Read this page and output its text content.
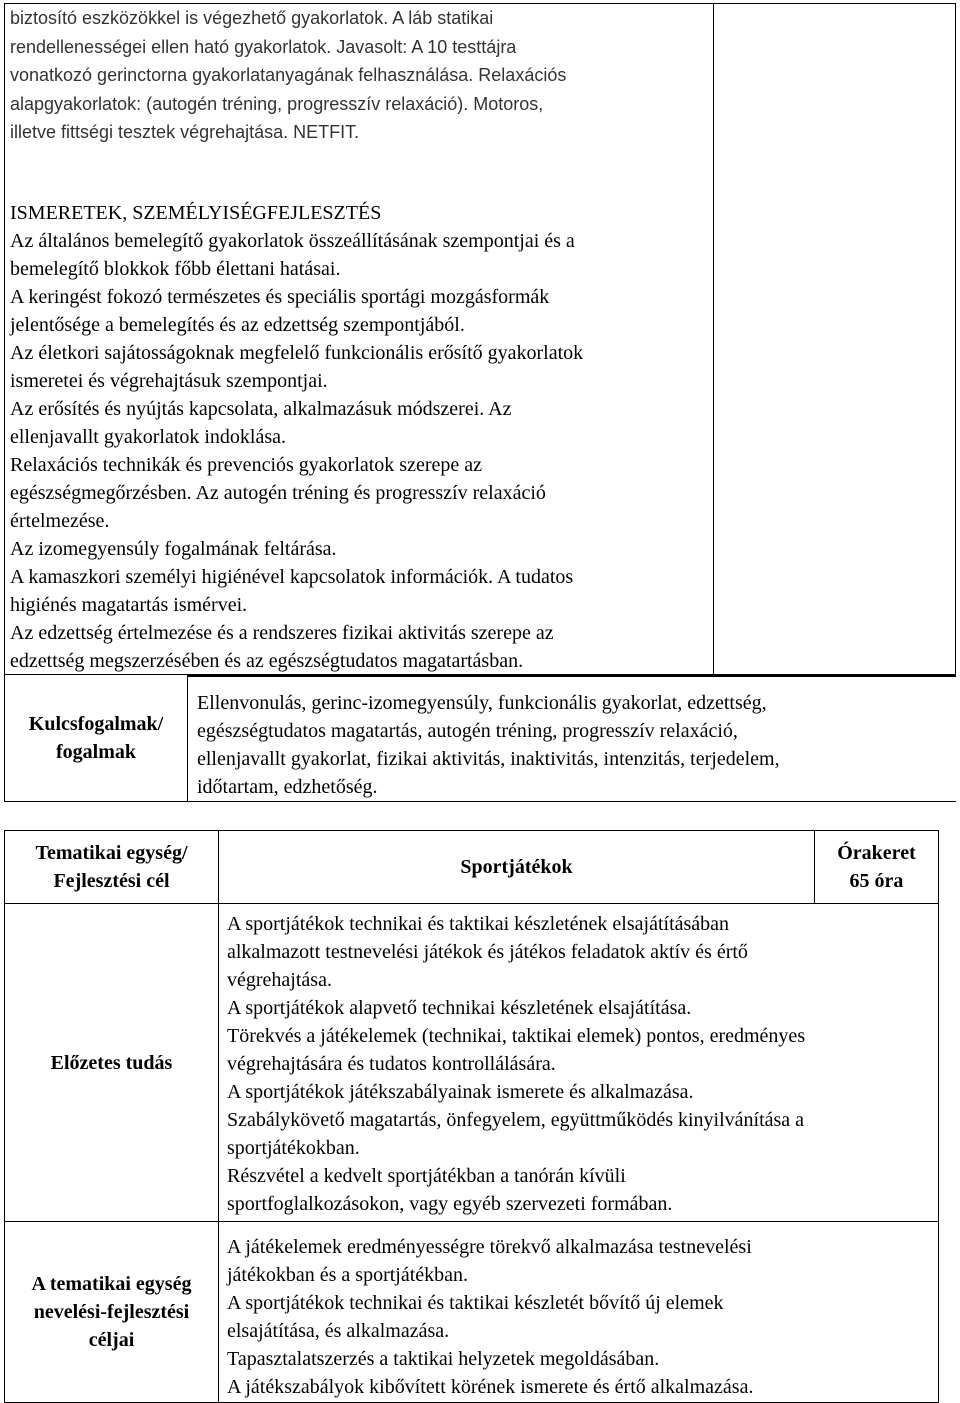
biztosító eszközökkel is végezhető gyakorlatok. A láb statikai
rendellenességei ellen ható gyakorlatok. Javasolt: A 10 testtájra
vonatkozó gerinctorna gyakorlatanyagának felhasználása. Relaxációs
alapgyakorlatok: (autogén tréning, progresszív relaxáció). Motoros,
illetve fittségi tesztek végrehajtása. NETFIT.
ISMERETEK, SZEMÉLYISÉGFEJLESZTÉS
Az általános bemelegítő gyakorlatok összeállításának szempontjai és a
bemelegítő blokkok főbb élettani hatásai.
A keringést fokozó természetes és speciális sportági mozgásformák
jelentősége a bemelegítés és az edzettség szempontjából.
Az életkori sajátosságoknak megfelelő funkcionális erősítő gyakorlatok
ismeretei és végrehajtásuk szempontjai.
Az erősítés és nyújtás kapcsolata, alkalmazásuk módszerei. Az
ellenjavallt gyakorlatok indoklása.
Relaxációs technikák és prevenciós gyakorlatok szerepe az
egészségmegőrzésben. Az autogén tréning és progresszív relaxáció
értelmezése.
Az izomegyensúly fogalmának feltárása.
A kamaszkori személyi higiénével kapcsolatok információk. A tudatos
higiénés magatartás ismérvei.
Az edzettség értelmezése és a rendszeres fizikai aktivitás szerepe az
edzettség megszerzésében és az egészségtudatos magatartásban.
Kulcsfogalmak/
fogalmak
Ellenvonulás, gerinc-izomegyensúly, funkcionális gyakorlat, edzettség,
egészségtudatos magatartás, autogén tréning, progresszív relaxáció,
ellenjavallt gyakorlat, fizikai aktivitás, inaktivitás, intenzitás, terjedelem,
időtartam, edzhetőség.
Tematikai egység/
Fejlesztési cél
Sportjátékok
Órakeret
65 óra
Előzetes tudás
A sportjátékok technikai és taktikai készletének elsajátításában
alkalmazott testnevelési játékok és játékos feladatok aktív és értő
végrehajtása.
A sportjátékok alapvető technikai készletének elsajátítása.
Törekvés a játékelemek (technikai, taktikai elemek) pontos, eredményes
végrehajtására és tudatos kontrollálására.
A sportjátékok játékszabályainak ismerete és alkalmazása.
Szabálykövető magatartás, önfegyelem, együttműködés kinyilvánítása a
sportjátékokban.
Részvétel a kedvelt sportjátékban a tanórán kívüli
sportfoglalkozásokon, vagy egyéb szervezeti formában.
A tematikai egység
nevelési-fejlesztési
céljai
A játékelemek eredményességre törekvő alkalmazása testnevelési
játékokban és a sportjátékban.
A sportjátékok technikai és taktikai készletét bővítő új elemek
elsajátítása, és alkalmazása.
Tapasztalatszerzés a taktikai helyzetek megoldásában.
A játékszabályok kibővített körének ismerete és értő alkalmazása.
